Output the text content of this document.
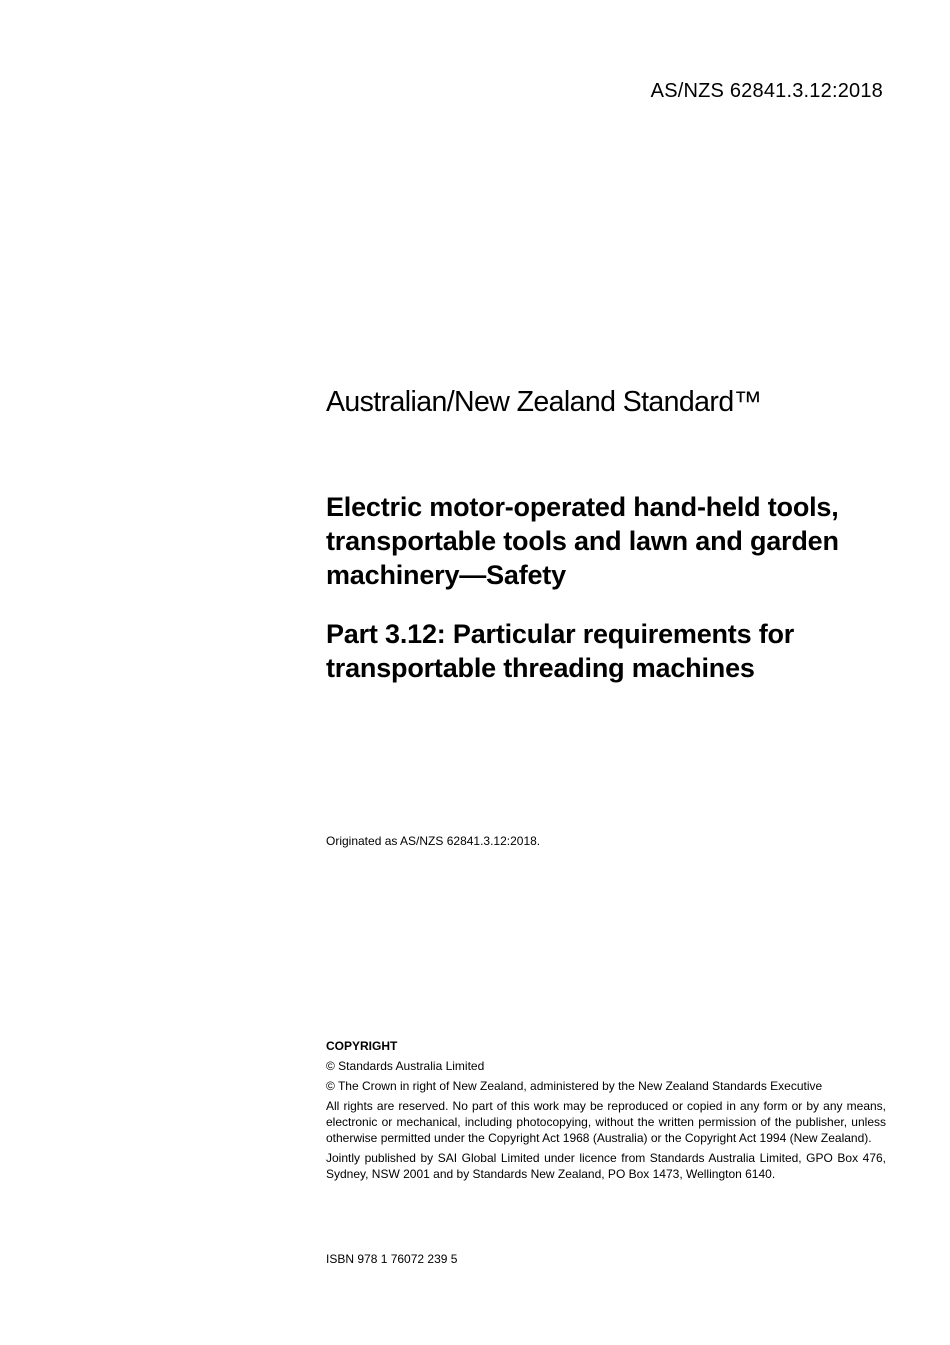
AS/NZS 62841.3.12:2018
Australian/New Zealand Standard™
Electric motor-operated hand-held tools, transportable tools and lawn and garden machinery—Safety
Part 3.12: Particular requirements for transportable threading machines
Originated as AS/NZS 62841.3.12:2018.
COPYRIGHT

© Standards Australia Limited

© The Crown in right of New Zealand, administered by the New Zealand Standards Executive

All rights are reserved. No part of this work may be reproduced or copied in any form or by any means, electronic or mechanical, including photocopying, without the written permission of the publisher, unless otherwise permitted under the Copyright Act 1968 (Australia) or the Copyright Act 1994 (New Zealand).

Jointly published by SAI Global Limited under licence from Standards Australia Limited, GPO Box 476, Sydney, NSW 2001 and by Standards New Zealand, PO Box 1473, Wellington 6140.

ISBN 978 1 76072 239 5
